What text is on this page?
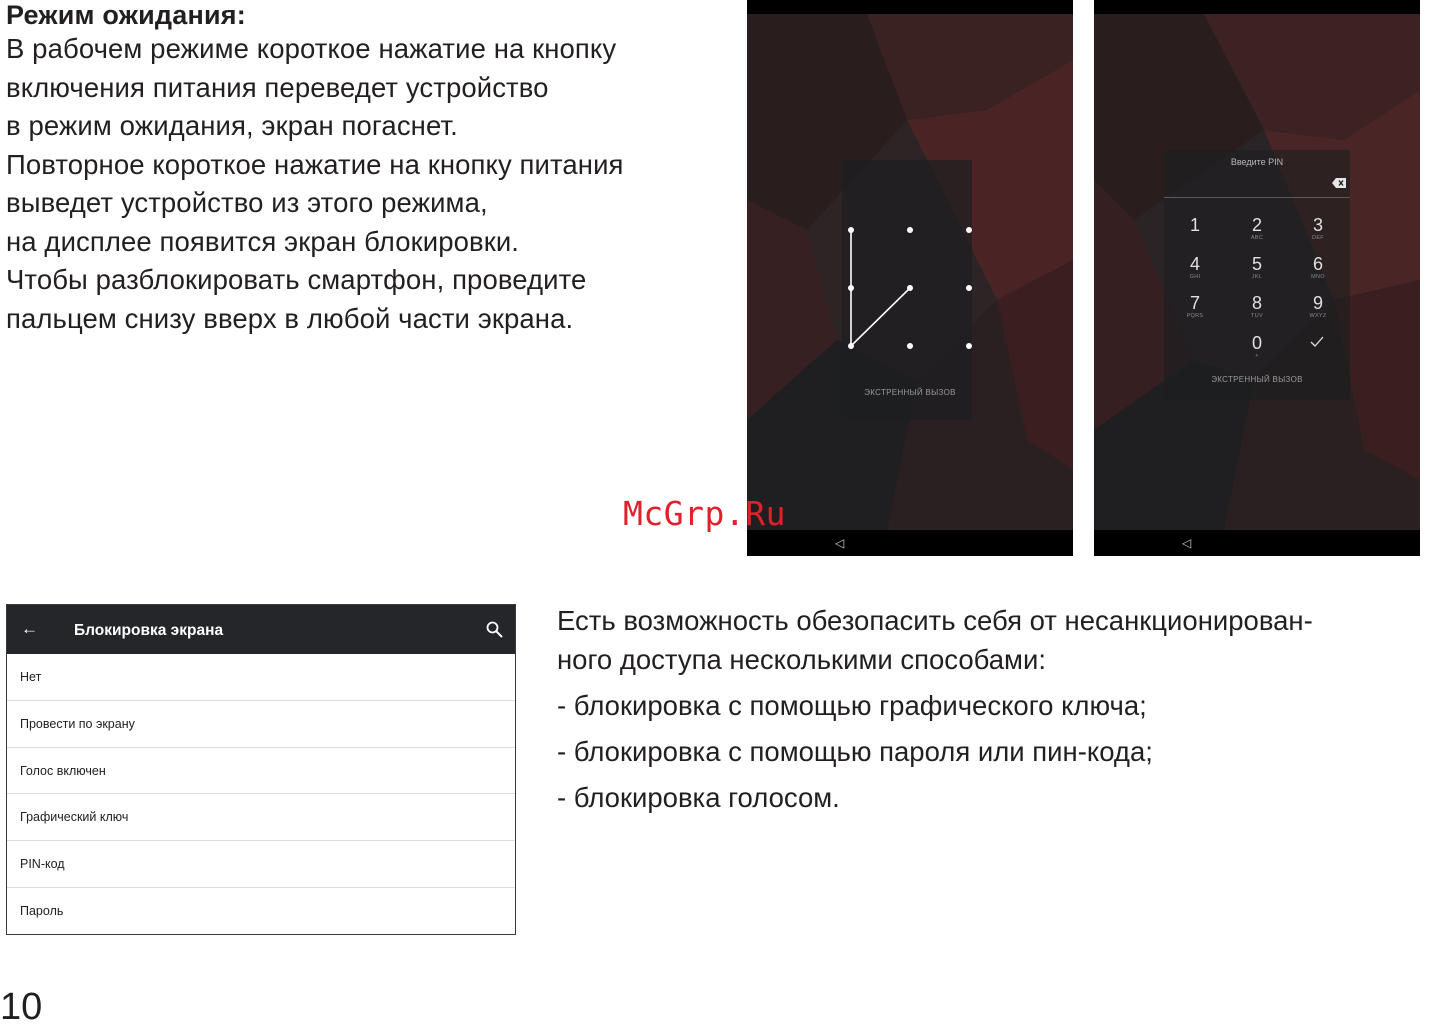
Режим ожидания:

В рабочем режиме короткое нажатие на кнопку

включения питания переведет устройство

в режим ожидания, экран погаснет.

Повторное короткое нажатие на кнопку питания

выведет устройство из этого режима,

на дисплее появится экран блокировки.

Чтобы разблокировать смартфон, проведите

пальцем снизу вверх в любой части экрана.

ЭКСТРЕННЫЙ ВЫЗОВ
◁
Введите PIN
1	2
ABC
3
DEF
4
GHI
5
JKL
6
MNO
7
PQRS
8
TUV
9
WXYZ
0
+
ЭКСТРЕННЫЙ ВЫЗОВ
◁
McGrp.Ru
← Блокировка экрана
Нет
Провести по экрану
Голос включен
Графический ключ
PIN-код
Пароль

Есть возможность обезопасить себя от несанкционирован-

ного доступа несколькими способами:

- блокировка с помощью графического ключа;
- блокировка с помощью пароля или пин-кода;
- блокировка голосом.
10
